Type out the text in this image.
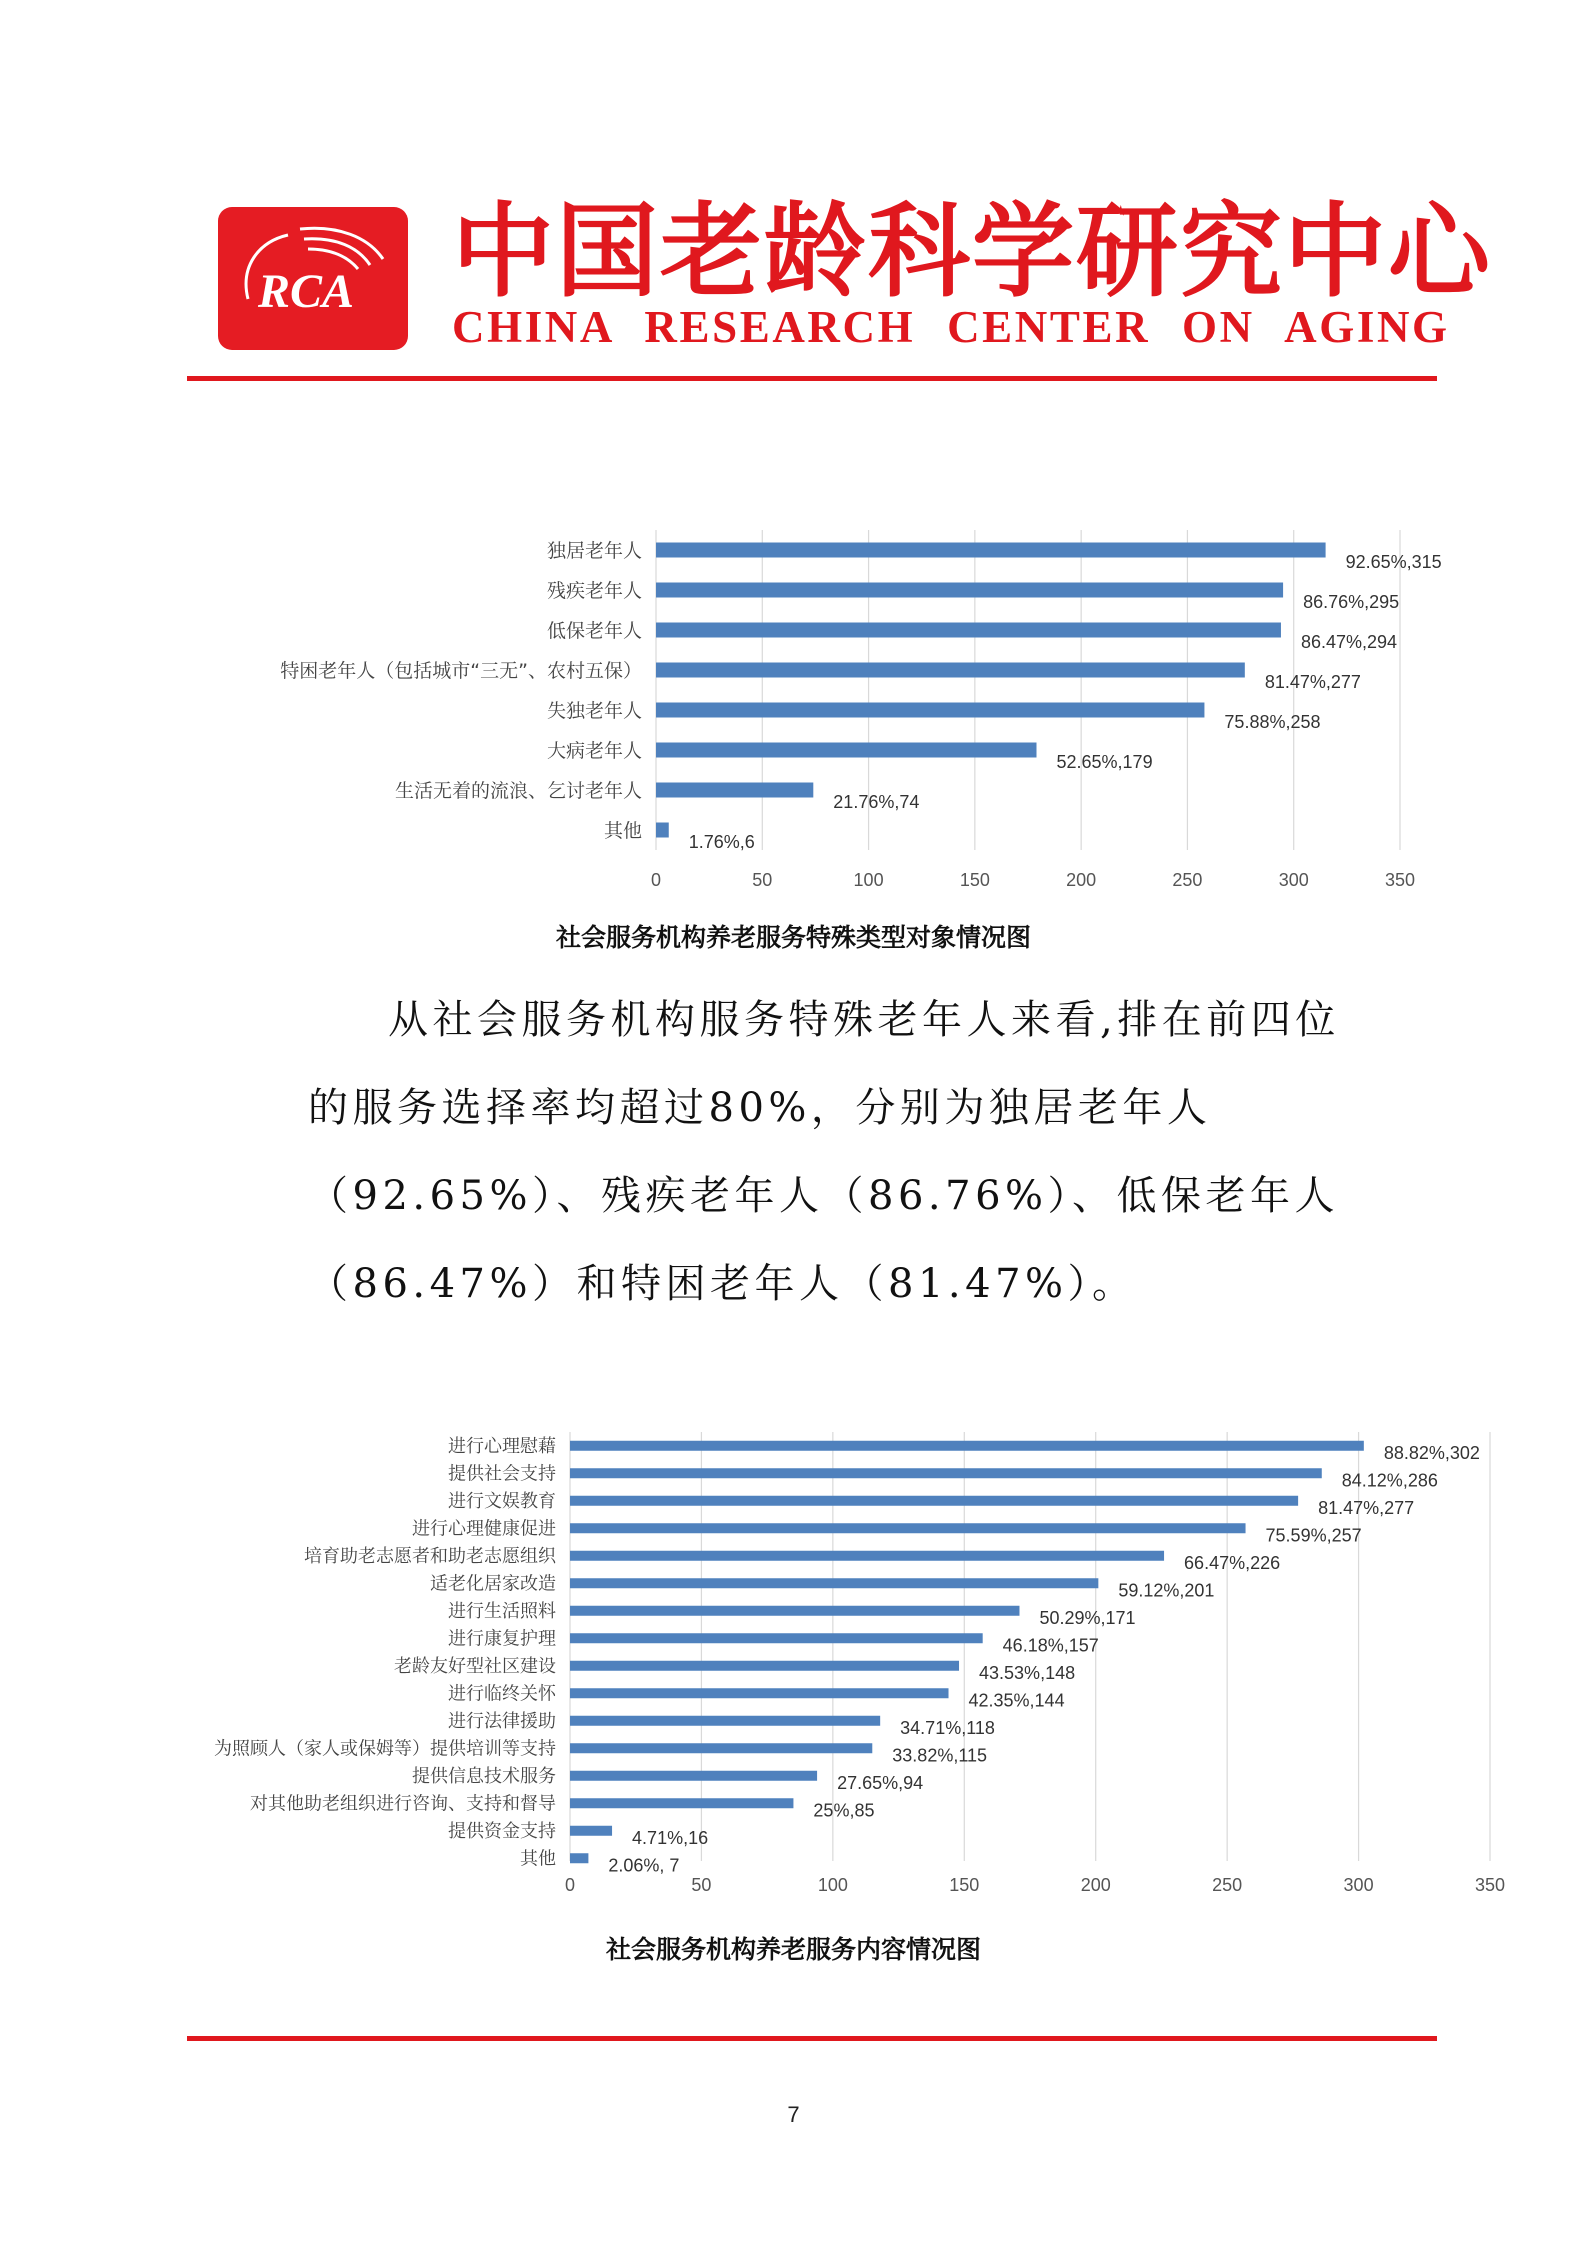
RCA 中国老龄科学研究中心
CHINA RESEARCH CENTER ON AGING
0	50	100	150	200	250	300	350
独居老年人
92.65%,315
残疾老年人
86.76%,295
低保老年人
86.47%,294
特困老年人（包括城市“三无”、农村五保）
81.47%,277
失独老年人
75.88%,258
大病老年人
52.65%,179
生活无着的流浪、乞讨老年人
21.76%,74
其他
1.76%,6
社会服务机构养老服务特殊类型对象情况图

从社会服务机构服务特殊老年人来看,排在前四位的服务选择率均超过80%，分别为独居老年人（92.65%）、残疾老年人（86.76%）、低保老年人（86.47%）和特困老年人（81.47%）。

0	50	100	150	200	250	300	350
进行心理慰藉	88.82%,302
提供社会支持	84.12%,286
进行文娱教育	81.47%,277
进行心理健康促进	75.59%,257
培育助老志愿者和助老志愿组织	66.47%,226
适老化居家改造	59.12%,201
进行生活照料	50.29%,171
进行康复护理	46.18%,157
老龄友好型社区建设	43.53%,148
进行临终关怀	42.35%,144
进行法律援助	34.71%,118
为照顾人（家人或保姆等）提供培训等支持	33.82%,115
提供信息技术服务	27.65%,94
对其他助老组织进行咨询、支持和督导	25%,85
提供资金支持	4.71%,16
其他	2.06%, 7
社会服务机构养老服务内容情况图
7
